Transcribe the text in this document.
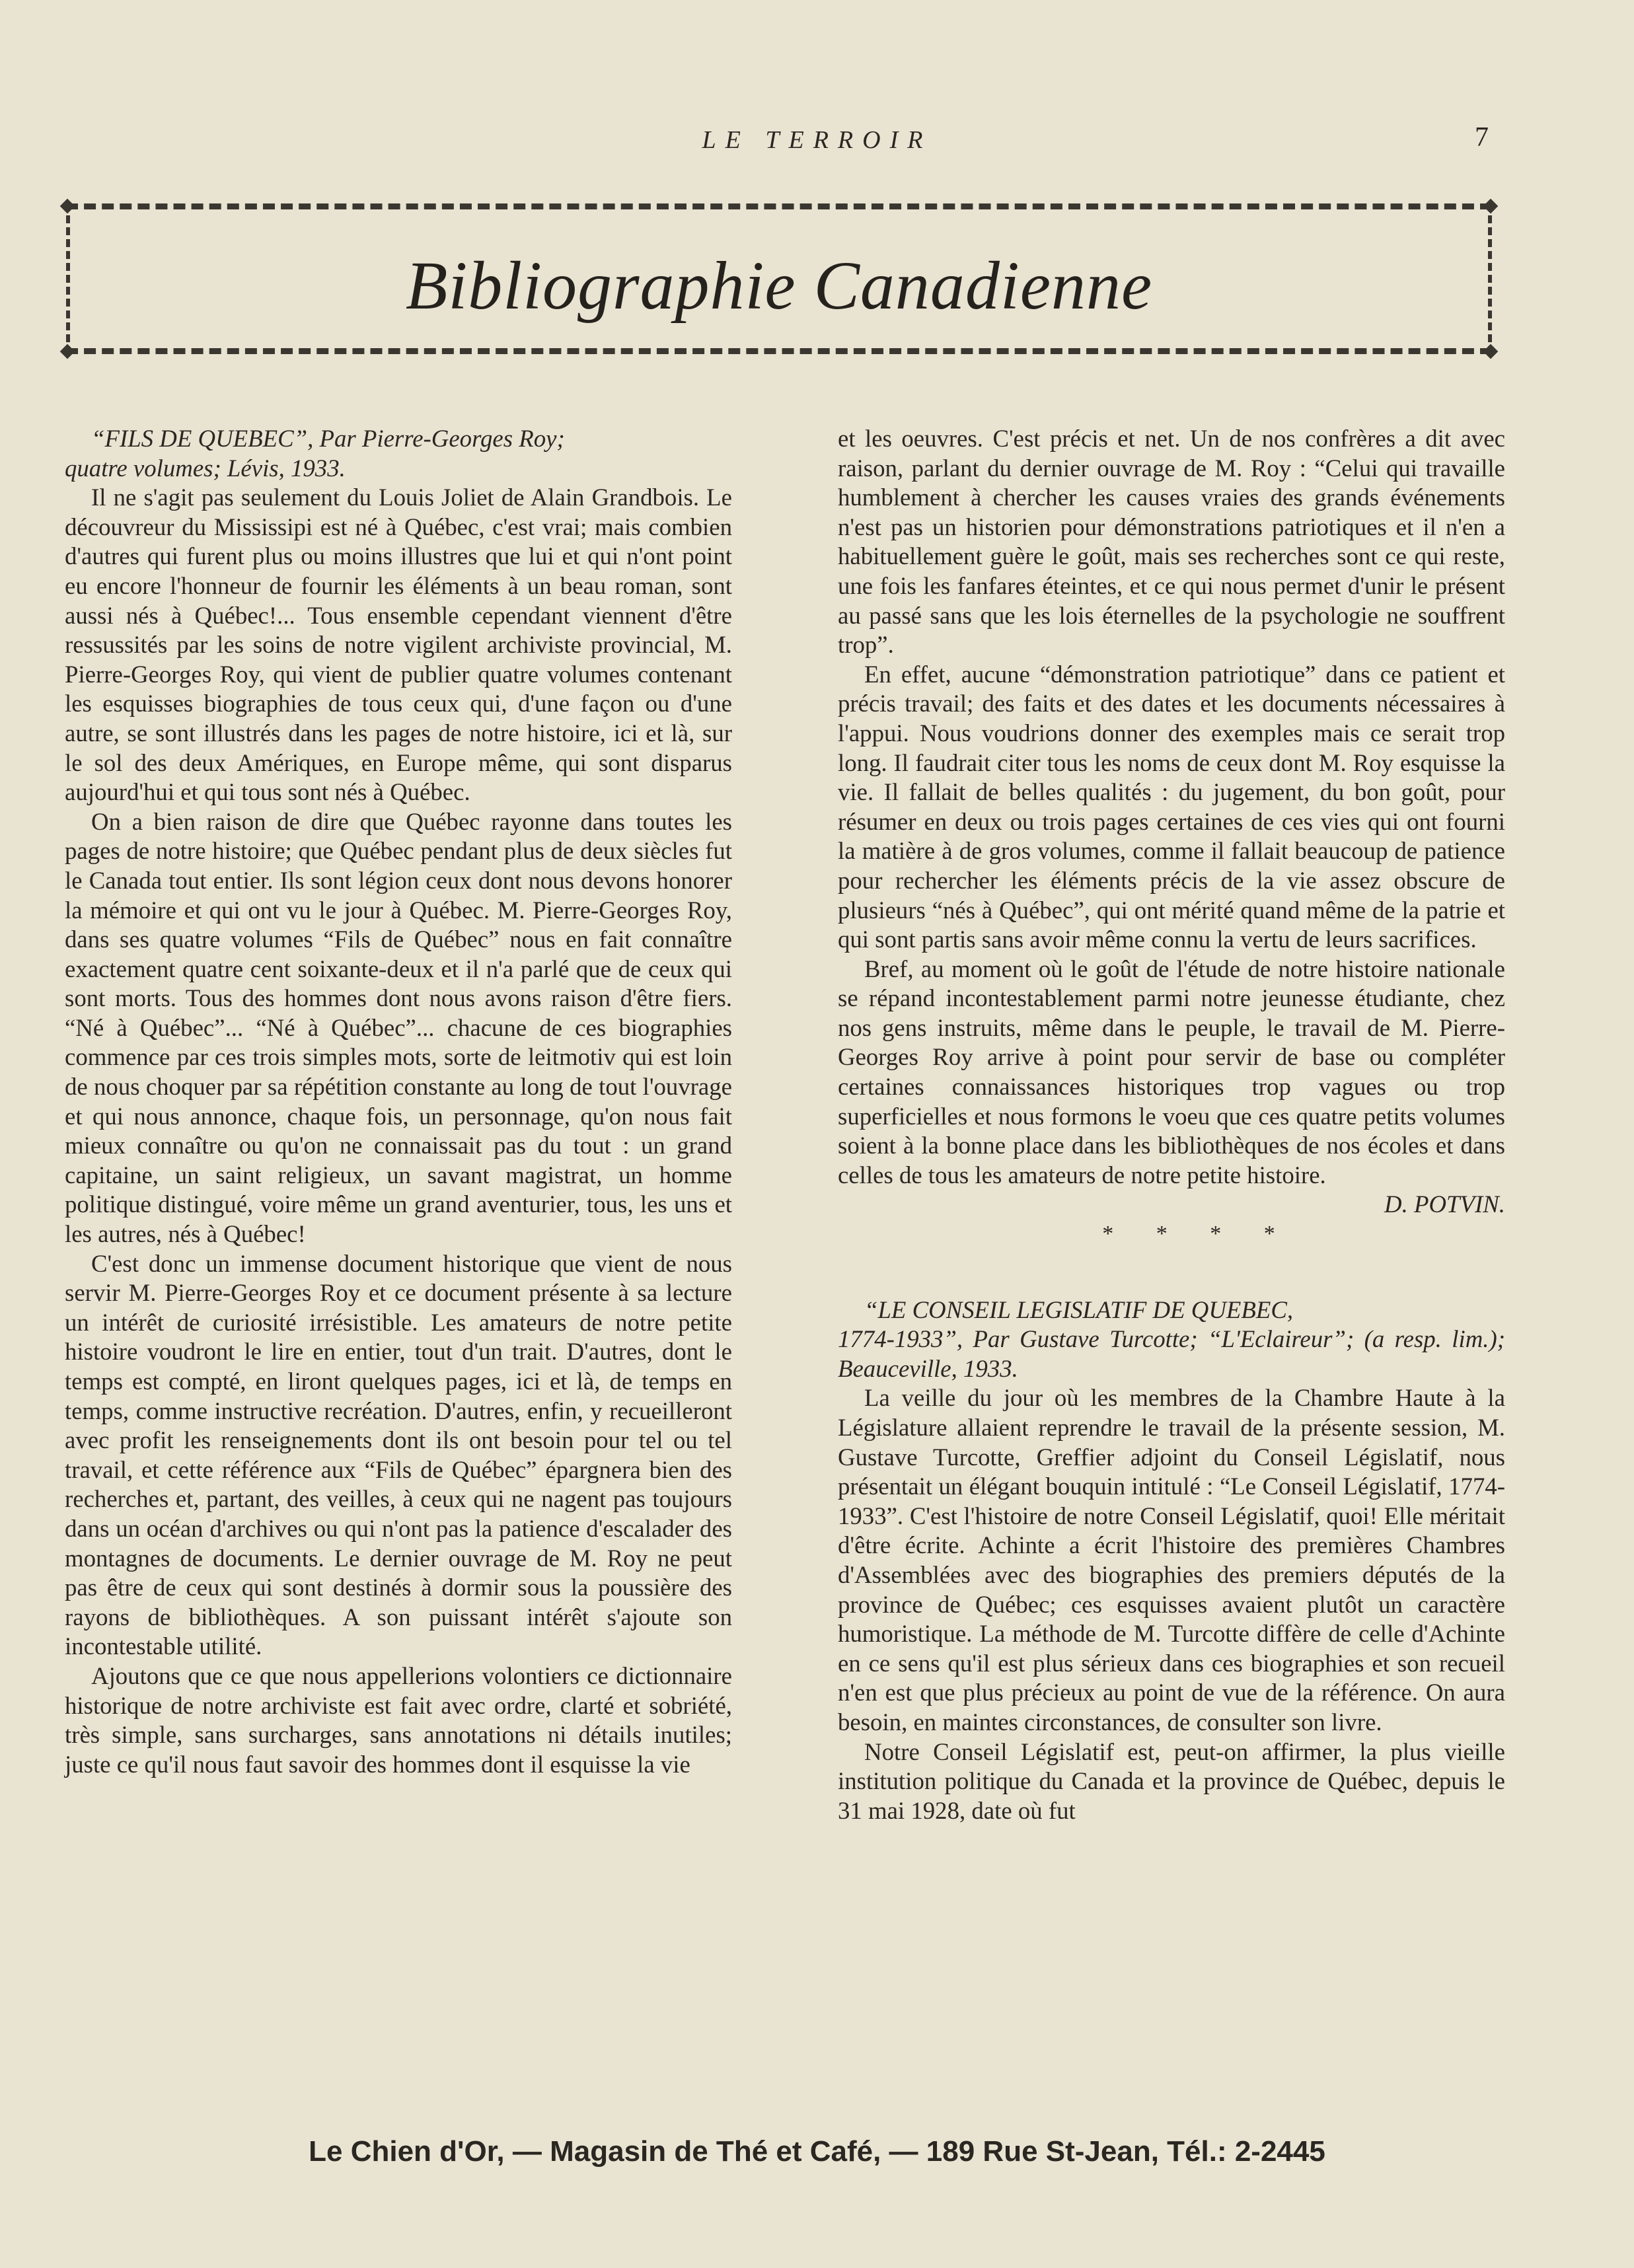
LE TERROIR	7
Bibliographie Canadienne

“FILS DE QUEBEC”, Par Pierre-Georges Roy;

quatre volumes; Lévis, 1933.

Il ne s'agit pas seulement du Louis Joliet de Alain Grandbois. Le découvreur du Mississipi est né à Québec, c'est vrai; mais combien d'autres qui furent plus ou moins illustres que lui et qui n'ont point eu encore l'honneur de fournir les éléments à un beau roman, sont aussi nés à Québec!... Tous ensemble cependant viennent d'être ressussités par les soins de notre vigilent archiviste provincial, M. Pierre-Georges Roy, qui vient de publier quatre volumes contenant les esquisses biographies de tous ceux qui, d'une façon ou d'une autre, se sont illustrés dans les pages de notre histoire, ici et là, sur le sol des deux Amériques, en Europe même, qui sont disparus aujourd'hui et qui tous sont nés à Québec.

On a bien raison de dire que Québec rayonne dans toutes les pages de notre histoire; que Québec pendant plus de deux siècles fut le Canada tout entier. Ils sont légion ceux dont nous devons honorer la mémoire et qui ont vu le jour à Québec. M. Pierre-Georges Roy, dans ses quatre volumes “Fils de Québec” nous en fait connaître exactement quatre cent soixante-deux et il n'a parlé que de ceux qui sont morts. Tous des hommes dont nous avons raison d'être fiers. “Né à Québec”... “Né à Québec”... chacune de ces biographies commence par ces trois simples mots, sorte de leitmotiv qui est loin de nous choquer par sa répétition constante au long de tout l'ouvrage et qui nous annonce, chaque fois, un personnage, qu'on nous fait mieux connaître ou qu'on ne connaissait pas du tout : un grand capitaine, un saint religieux, un savant magistrat, un homme politique distingué, voire même un grand aventurier, tous, les uns et les autres, nés à Québec!

C'est donc un immense document historique que vient de nous servir M. Pierre-Georges Roy et ce document présente à sa lecture un intérêt de curiosité irrésistible. Les amateurs de notre petite histoire voudront le lire en entier, tout d'un trait. D'autres, dont le temps est compté, en liront quelques pages, ici et là, de temps en temps, comme instructive recréation. D'autres, enfin, y recueilleront avec profit les renseignements dont ils ont besoin pour tel ou tel travail, et cette référence aux “Fils de Québec” épargnera bien des recherches et, partant, des veilles, à ceux qui ne nagent pas toujours dans un océan d'archives ou qui n'ont pas la patience d'escalader des montagnes de documents. Le dernier ouvrage de M. Roy ne peut pas être de ceux qui sont destinés à dormir sous la poussière des rayons de bibliothèques. A son puissant intérêt s'ajoute son incontestable utilité.

Ajoutons que ce que nous appellerions volontiers ce dictionnaire historique de notre archiviste est fait avec ordre, clarté et sobriété, très simple, sans surcharges, sans annotations ni détails inutiles; juste ce qu'il nous faut savoir des hommes dont il esquisse la vie

et les oeuvres. C'est précis et net. Un de nos confrères a dit avec raison, parlant du dernier ouvrage de M. Roy : “Celui qui travaille humblement à chercher les causes vraies des grands événements n'est pas un historien pour démonstrations patriotiques et il n'en a habituellement guère le goût, mais ses recherches sont ce qui reste, une fois les fanfares éteintes, et ce qui nous permet d'unir le présent au passé sans que les lois éternelles de la psychologie ne souffrent trop”.

En effet, aucune “démonstration patriotique” dans ce patient et précis travail; des faits et des dates et les documents nécessaires à l'appui. Nous voudrions donner des exemples mais ce serait trop long. Il faudrait citer tous les noms de ceux dont M. Roy esquisse la vie. Il fallait de belles qualités : du jugement, du bon goût, pour résumer en deux ou trois pages certaines de ces vies qui ont fourni la matière à de gros volumes, comme il fallait beaucoup de patience pour rechercher les éléments précis de la vie assez obscure de plusieurs “nés à Québec”, qui ont mérité quand même de la patrie et qui sont partis sans avoir même connu la vertu de leurs sacrifices.

Bref, au moment où le goût de l'étude de notre histoire nationale se répand incontestablement parmi notre jeunesse étudiante, chez nos gens instruits, même dans le peuple, le travail de M. Pierre-Georges Roy arrive à point pour servir de base ou compléter certaines connaissances historiques trop vagues ou trop superficielles et nous formons le voeu que ces quatre petits volumes soient à la bonne place dans les bibliothèques de nos écoles et dans celles de tous les amateurs de notre petite histoire.

D. POTVIN.

* * * *

“LE CONSEIL LEGISLATIF DE QUEBEC,

1774-1933”, Par Gustave Turcotte; “L'Eclaireur”; (a resp. lim.); Beauceville, 1933.

La veille du jour où les membres de la Chambre Haute à la Législature allaient reprendre le travail de la présente session, M. Gustave Turcotte, Greffier adjoint du Conseil Législatif, nous présentait un élégant bouquin intitulé : “Le Conseil Législatif, 1774-1933”. C'est l'histoire de notre Conseil Législatif, quoi! Elle méritait d'être écrite. Achinte a écrit l'histoire des premières Chambres d'Assemblées avec des biographies des premiers députés de la province de Québec; ces esquisses avaient plutôt un caractère humoristique. La méthode de M. Turcotte diffère de celle d'Achinte en ce sens qu'il est plus sérieux dans ces biographies et son recueil n'en est que plus précieux au point de vue de la référence. On aura besoin, en maintes circonstances, de consulter son livre.

Notre Conseil Législatif est, peut-on affirmer, la plus vieille institution politique du Canada et la province de Québec, depuis le 31 mai 1928, date où fut

Le Chien d'Or, — Magasin de Thé et Café, — 189 Rue St-Jean, Tél.: 2-2445
